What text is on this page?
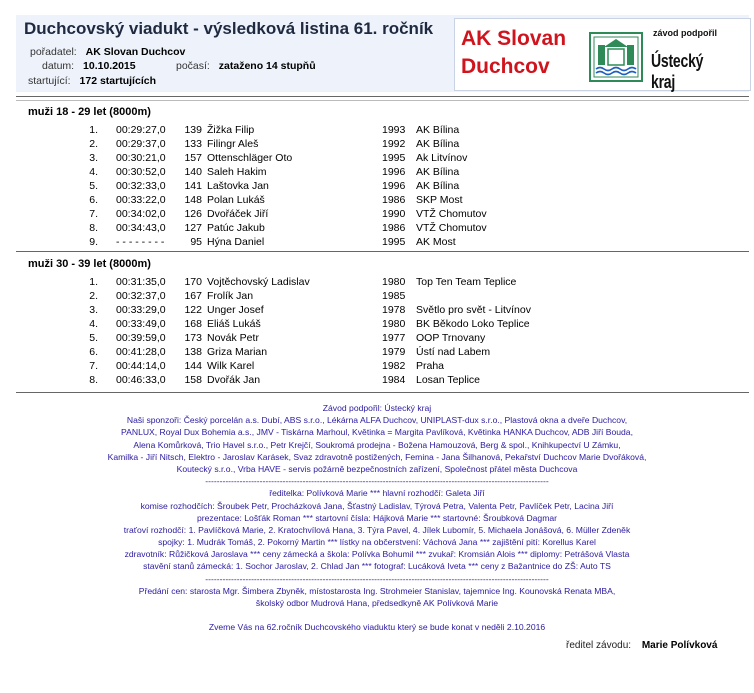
Duchcovský viadukt - výsledková listina 61. ročník
pořadatel: AK Slovan Duchcov
datum: 10.10.2015	počasí: zataženo 14 stupňů
startující: 172 startujících
AK Slovan
Duchcov
závod podpořil
Ústecký kraj
muži 18 - 29 let (8000m)
1. 00:29:27,0	139 Žižka Filip	1993 AK Bílina
2. 00:29:37,0	133 Filingr Aleš	1992 AK Bílina
3. 00:30:21,0	157 Ottenschläger Oto	1995 Ak Litvínov
4. 00:30:52,0	140 Saleh Hakim	1996 AK Bílina
5. 00:32:33,0	141 Laštovka Jan	1996 AK Bílina
6. 00:33:22,0	148 Polan Lukáš	1986 SKP Most
7. 00:34:02,0	126 Dvořáček Jiří	1990 VTŽ Chomutov
8. 00:34:43,0	127 Patúc Jakub	1986 VTŽ Chomutov
9. - - - - - - - -	95 Hýna Daniel	1995 AK Most
muži 30 - 39 let (8000m)
1. 00:31:35,0	170 Vojtěchovský Ladislav	1980 Top Ten Team Teplice
2. 00:32:37,0	167 Frolík Jan	1985
3. 00:33:29,0	122 Unger Josef	1978 Světlo pro svět - Litvínov
4. 00:33:49,0	168 Eliáš Lukáš	1980 BK Běkodo Loko Teplice
5. 00:39:59,0	173 Novák Petr	1977 OOP Trnovany
6. 00:41:28,0	138 Griza Marian	1979 Ústí nad Labem
7. 00:44:14,0	144 Wilk Karel	1982 Praha
8. 00:46:33,0	158 Dvořák Jan	1984 Losan Teplice
Závod podpořil: Ústecký kraj
Naši sponzoři: Český porcelán a.s. Dubí, ABS s.r.o., Lékárna ALFA Duchcov, UNIPLAST-dux s.r.o., Plastová okna a dveře Duchcov,
PANLUX, Royal Dux Bohemia a.s., JMV - Tiskárna Marhoul, Květinka = Margita Pavlíková, Květinka HANKA Duchcov, ADB Jiří Bouda,
Alena Komůrková, Trio Havel s.r.o., Petr Krejčí, Soukromá prodejna - Božena Hamouzová, Berg & spol., Knihkupectví U Zámku,
Kamilka - Jiří Nitsch, Elektro - Jaroslav Karásek, Svaz zdravotně postižených, Femina - Jana Šilhanová, Pekařství Duchcov Marie Dvořáková,
Koutecký s.r.o., Vrba HAVE - servis požárně bezpečnostních zařízení, Společnost přátel města Duchcova
------------------------------------------------------------------------------------------------------------------------
ředitelka: Polívková Marie *** hlavní rozhodčí: Galeta Jiří
komise rozhodčích: Šroubek Petr, Procházková Jana, Šťastný Ladislav, Týrová Petra, Valenta Petr, Pavlíček Petr, Lacina Jiří
prezentace: Lošťák Roman *** startovní čísla: Hájková Marie *** startovné: Šroubková Dagmar
traťoví rozhodčí: 1. Pavlíčková Marie, 2. Kratochvílová Hana, 3. Týra Pavel, 4. Jílek Lubomír, 5. Michaela Jonášová, 6. Müller Zdeněk
spojky: 1. Mudrák Tomáš, 2. Pokorný Martin *** lístky na občerstvení: Váchová Jana *** zajištění pití: Korellus Karel
zdravotník: Růžičková Jaroslava *** ceny zámecká a škola: Polívka Bohumil *** zvukař: Kromsián Alois *** diplomy: Petrášová Vlasta
stavění stanů zámecká: 1. Sochor Jaroslav, 2. Chlad Jan *** fotograf: Lucáková Iveta *** ceny z Bažantnice do ZŠ: Auto TS
------------------------------------------------------------------------------------------------------------------------
Předání cen: starosta Mgr. Šimbera Zbyněk, místostarosta Ing. Strohmeier Stanislav, tajemnice Ing. Kounovská Renata MBA,
školský odbor Mudrová Hana, předsedkyně AK Polívková Marie
Zveme Vás na 62.ročník Duchcovského viaduktu který se bude konat v neděli 2.10.2016
ředitel závodu: Marie Polívková
